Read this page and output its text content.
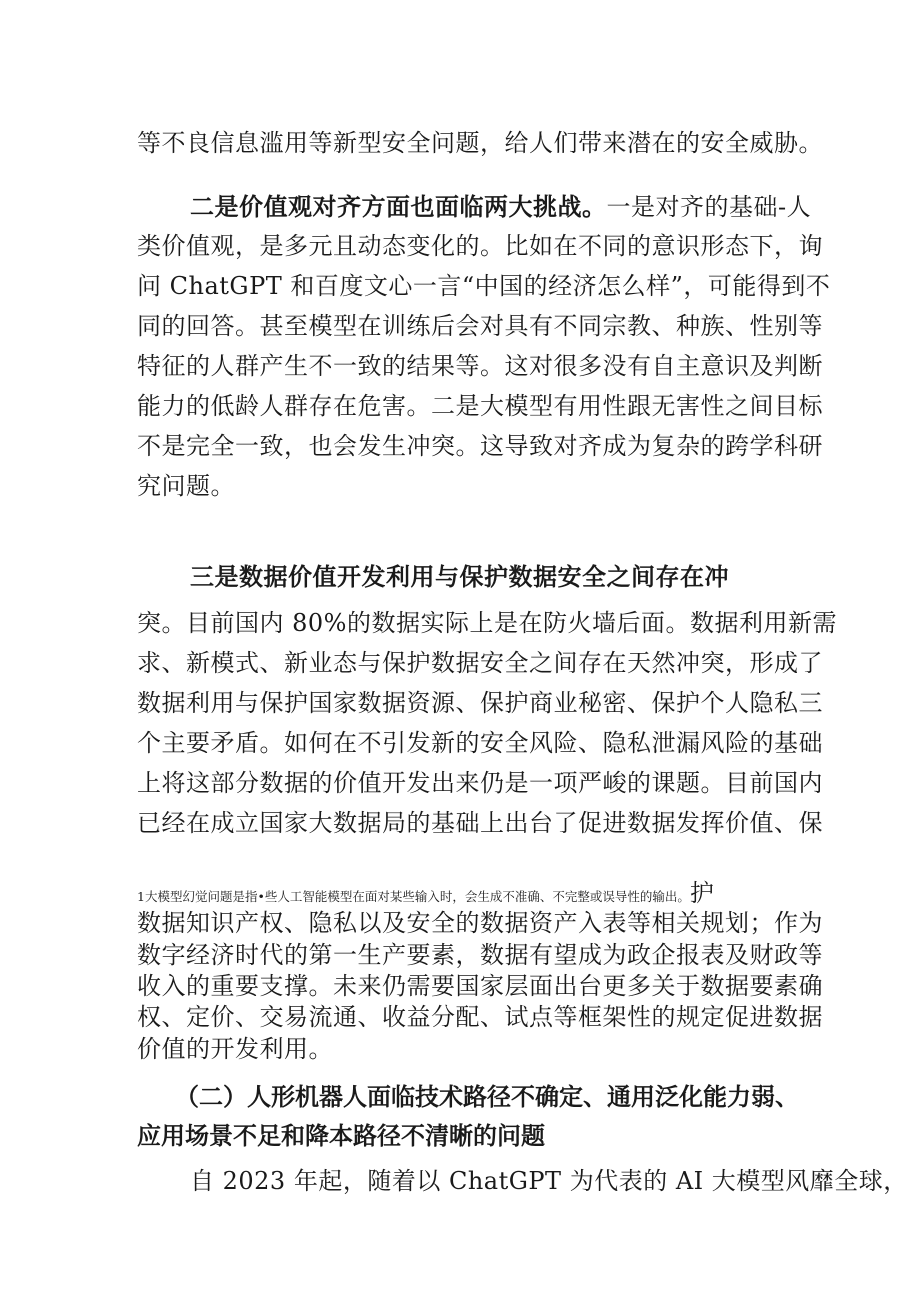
等不良信息滥用等新型安全问题，给人们带来潜在的安全威胁。
二是价值观对齐方面也面临两大挑战。一是对齐的基础-人
类价值观，是多元且动态变化的。比如在不同的意识形态下，询
问 ChatGPT 和百度文心一言“中国的经济怎么样”，可能得到不
同的回答。甚至模型在训练后会对具有不同宗教、种族、性别等
特征的人群产生不一致的结果等。这对很多没有自主意识及判断
能力的低龄人群存在危害。二是大模型有用性跟无害性之间目标
不是完全一致，也会发生冲突。这导致对齐成为复杂的跨学科研
究问题。
三是数据价值开发利用与保护数据安全之间存在冲
突。目前国内 80%的数据实际上是在防火墙后面。数据利用新需
求、新模式、新业态与保护数据安全之间存在天然冲突，形成了
数据利用与保护国家数据资源、保护商业秘密、保护个人隐私三
个主要矛盾。如何在不引发新的安全风险、隐私泄漏风险的基础
上将这部分数据的价值开发出来仍是一项严峻的课题。目前国内
已经在成立国家大数据局的基础上出台了促进数据发挥价值、保
1大模型幻觉问题是指•些人工智能模型在面对某些输入时，会生成不准确、不完整或误导性的输出。护
数据知识产权、隐私以及安全的数据资产入表等相关规划；作为
数字经济时代的第一生产要素，数据有望成为政企报表及财政等
收入的重要支撑。未来仍需要国家层面出台更多关于数据要素确
权、定价、交易流通、收益分配、试点等框架性的规定促进数据
价值的开发利用。
（二）人形机器人面临技术路径不确定、通用泛化能力弱、
应用场景不足和降本路径不清晰的问题
自 2023 年起，随着以 ChatGPT 为代表的 AI 大模型风靡全球，
